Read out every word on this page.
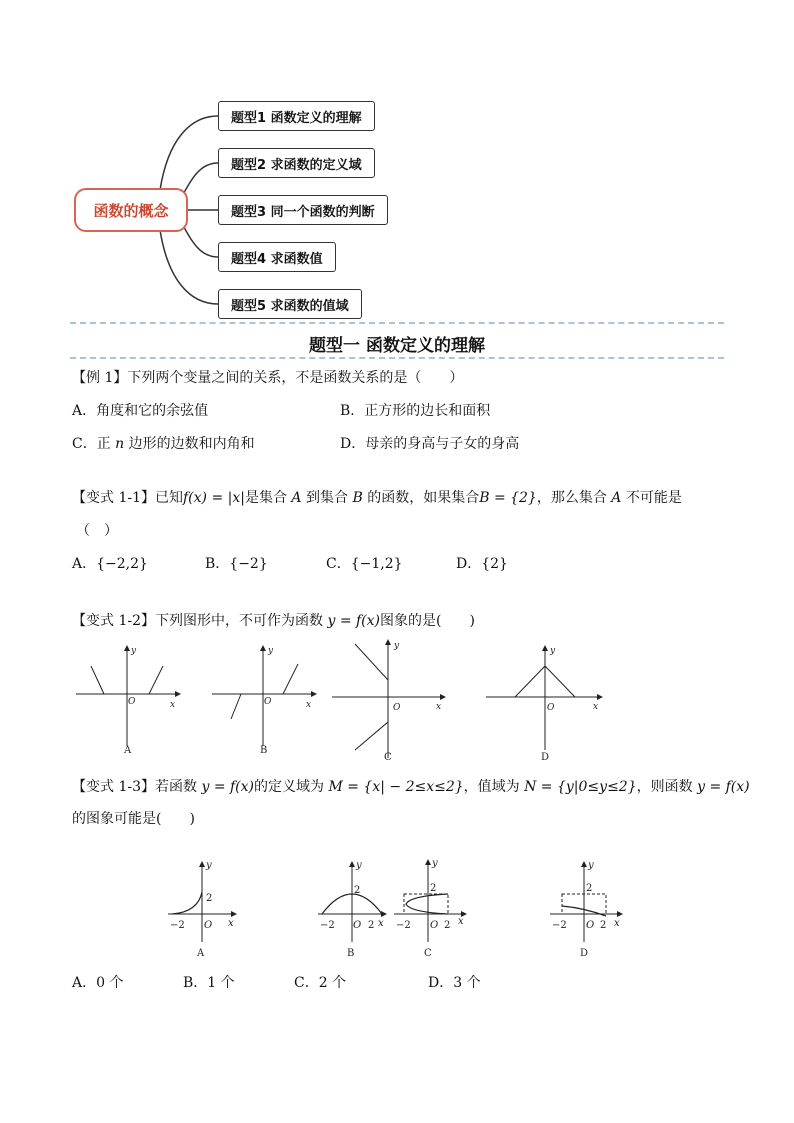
函数的概念
题型1 函数定义的理解
题型2 求函数的定义域
题型3 同一个函数的判断
题型4 求函数值
题型5 求函数的值域
题型一 函数定义的理解
【例 1】下列两个变量之间的关系，不是函数关系的是（　　）
A．角度和它的余弦值	B．正方形的边长和面积
C．正 n 边形的边数和内角和	D．母亲的身高与子女的身高
【变式 1-1】已知f(x) = |x|是集合 A 到集合 B 的函数，如果集合B = {2}，那么集合 A 不可能是
（　）
A．{−2,2}	B．{−2}	C．{−1,2}	D．{2}
【变式 1-2】下列图形中，不可作为函数 y = f(x)图象的是(　　)
y
x
O
y
x
O
y
x
O
y
x
O
A	B
C	D
【变式 1-3】若函数 y = f(x)的定义域为 M = {x| − 2≤x≤2}，值域为 N = {y|0≤y≤2}，则函数 y = f(x)
的图象可能是(　　)
y
x
O
−2
2
y
x
O
−2
2
2
y
x
O
−2
2
2
y
x
O
−2
2
2
A	B	C	D
A．0 个	B．1 个	C．2 个	D．3 个
